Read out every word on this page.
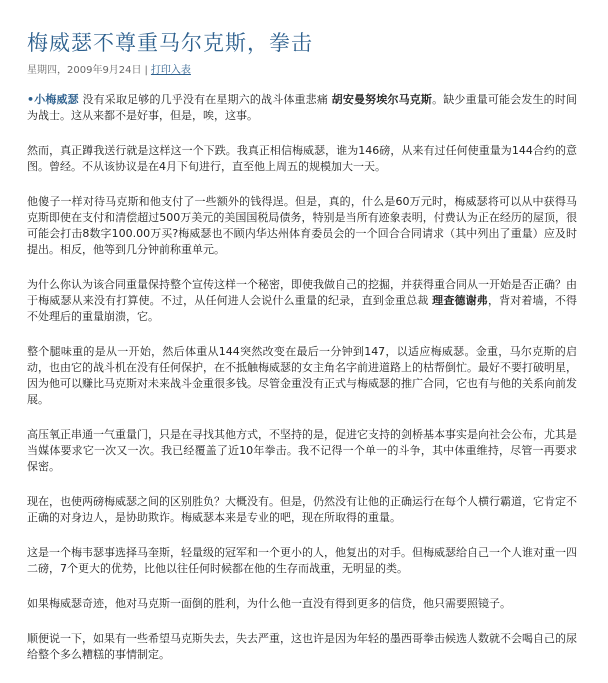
梅威瑟不尊重马尔克斯，拳击
星期四，2009年9月24日 | 打印入表

•小梅威瑟 没有采取足够的几乎没有在星期六的战斗体重悲痛 胡安曼努埃尔马克斯。缺少重量可能会发生的时间为战士。这从来都不是好事，但是，唉，这事。

然而，真正蹲我送行就是这样这一个下跌。我真正相信梅威瑟，谁为146磅，从来有过任何使重量为144合约的意图。曾经。不从该协议是在4月下旬进行，直至他上周五的规模加大一天。

他傻子一样对待马克斯和他支付了一些额外的钱得逞。但是，真的，什么是60万元时，梅威瑟将可以从中获得马克斯即使在支付和清偿超过500万美元的美国国税局债务，特别是当所有迹象表明，付费认为正在经历的屋顶，很可能会打击8数字100.00万买?梅威瑟也不顾内华达州体育委员会的一个回合合同请求（其中列出了重量）应及时提出。相反，他等到几分钟前称重单元。

为什么你认为该合同重量保持整个宣传这样一个秘密，即使我做自己的挖掘，并获得重合同从一开始是否正确？由于梅威瑟从来没有打算使。不过，从任何进人会说什么重量的纪录，直到金重总裁 理查德谢弗，背对着墙，不得不处理后的重量崩溃，它。

整个腿味重的是从一开始，然后体重从144突然改变在最后一分钟到147，以适应梅威瑟。金重，马尔克斯的启动，也由它的战斗机在没有任何保护，在不抵触梅威瑟的女主角名字前进道路上的枯帮倒忙。最好不要打破明星，因为他可以赚比马克斯对未来战斗金重很多钱。尽管金重没有正式与梅威瑟的推广合同，它也有与他的关系向前发展。

高压氧正串通一气重量门，只是在寻找其他方式，不坚持的是，促进它支持的剑桥基本事实是向社会公布，尤其是当媒体要求它一次又一次。我已经覆盖了近10年拳击。我不记得一个单一的斗争，其中体重维持，尽管一再要求保密。

现在，也使两磅梅威瑟之间的区别胜负？大概没有。但是，仍然没有让他的正确运行在每个人横行霸道，它肯定不正确的对身边人，是协助欺诈。梅威瑟本来是专业的吧，现在所取得的重量。

这是一个梅韦瑟事选择马奎斯，轻量级的冠军和一个更小的人，他复出的对手。但梅威瑟给自己一个人谁对重一四二磅，7个更大的优势，比他以往任何时候都在他的生存而战重，无明显的类。

如果梅威瑟奇迹，他对马克斯一面倒的胜利，为什么他一直没有得到更多的信贷，他只需要照镜子。

顺便说一下，如果有一些希望马克斯失去，失去严重，这也许是因为年轻的墨西哥拳击候选人数就不会喝自己的尿给整个多么糟糕的事情制定。
